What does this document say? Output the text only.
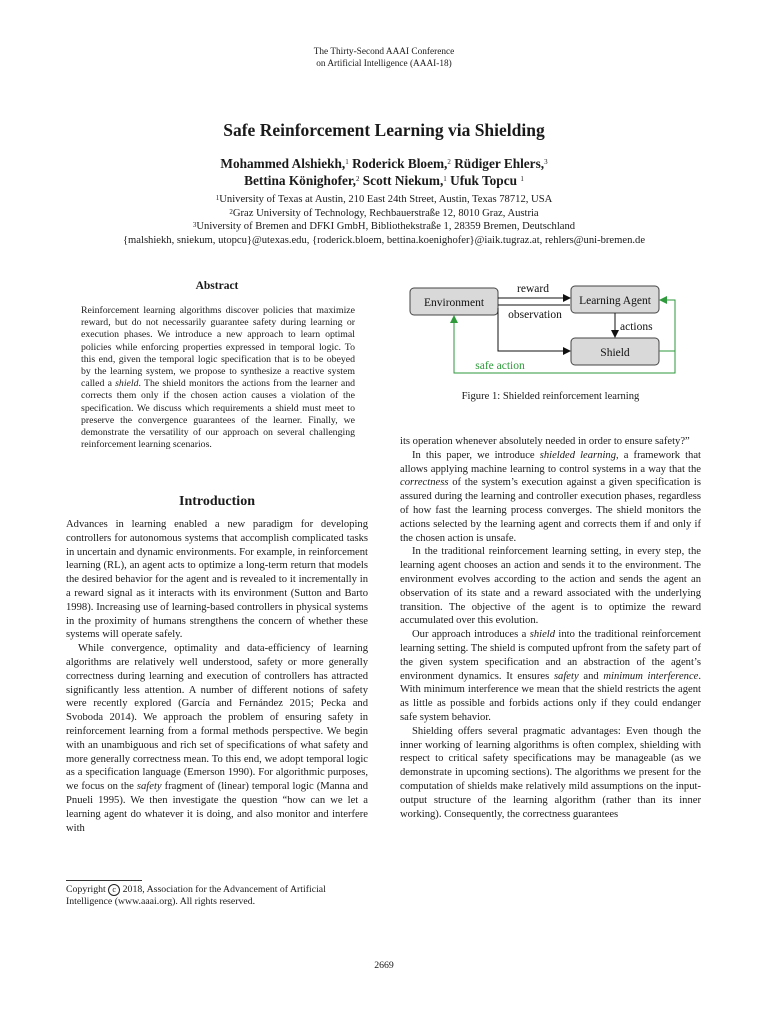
The Thirty-Second AAAI Conference
on Artificial Intelligence (AAAI-18)
Safe Reinforcement Learning via Shielding
Mohammed Alshiekh,$^1$ Roderick Bloem,$^2$ Rüdiger Ehlers,$^3$
Bettina Könighofer,$^2$ Scott Niekum,$^1$ Ufuk Topcu $^1$
$^1$University of Texas at Austin, 210 East 24th Street, Austin, Texas 78712, USA
$^2$Graz University of Technology, Rechbauerstraße 12, 8010 Graz, Austria
$^3$University of Bremen and DFKI GmbH, Bibliothekstraße 1, 28359 Bremen, Deutschland
{malshiekh, sniekum, utopcu}@utexas.edu, {roderick.bloem, bettina.koenighofer}@iaik.tugraz.at, rehlers@uni-bremen.de
Abstract
Reinforcement learning algorithms discover policies that maximize reward, but do not necessarily guarantee safety during learning or execution phases. We introduce a new approach to learn optimal policies while enforcing properties expressed in temporal logic. To this end, given the temporal logic specification that is to be obeyed by the learning system, we propose to synthesize a reactive system called a shield. The shield monitors the actions from the learner and corrects them only if the chosen action causes a violation of the specification. We discuss which requirements a shield must meet to preserve the convergence guarantees of the learner. Finally, we demonstrate the versatility of our approach on several challenging reinforcement learning scenarios.
Introduction

Advances in learning enabled a new paradigm for developing controllers for autonomous systems that accomplish complicated tasks in uncertain and dynamic environments. For example, in reinforcement learning (RL), an agent acts to optimize a long-term return that models the desired behavior for the agent and is revealed to it incrementally in a reward signal as it interacts with its environment (Sutton and Barto 1998). Increasing use of learning-based controllers in physical systems in the proximity of humans strengthens the concern of whether these systems will operate safely.

While convergence, optimality and data-efficiency of learning algorithms are relatively well understood, safety or more generally correctness during learning and execution of controllers has attracted significantly less attention. A number of different notions of safety were recently explored (García and Fernández 2015; Pecka and Svoboda 2014). We approach the problem of ensuring safety in reinforcement learning from a formal methods perspective. We begin with an unambiguous and rich set of specifications of what safety and more generally correctness mean. To this end, we adopt temporal logic as a specification language (Emerson 1990). For algorithmic purposes, we focus on the safety fragment of (linear) temporal logic (Manna and Pnueli 1995). We then investigate the question “how can we let a learning agent do whatever it is doing, and also monitor and interfere with

Copyright c 2018, Association for the Advancement of Artificial Intelligence (www.aaai.org). All rights reserved.
Environment	Learning Agent
Shield
reward
observation
actions
safe action
Figure 1: Shielded reinforcement learning

its operation whenever absolutely needed in order to ensure safety?”

In this paper, we introduce shielded learning, a framework that allows applying machine learning to control systems in a way that the correctness of the system’s execution against a given specification is assured during the learning and controller execution phases, regardless of how fast the learning process converges. The shield monitors the actions selected by the learning agent and corrects them if and only if the chosen action is unsafe.

In the traditional reinforcement learning setting, in every step, the learning agent chooses an action and sends it to the environment. The environment evolves according to the action and sends the agent an observation of its state and a reward associated with the underlying transition. The objective of the agent is to optimize the reward accumulated over this evolution.

Our approach introduces a shield into the traditional reinforcement learning setting. The shield is computed upfront from the safety part of the given system specification and an abstraction of the agent’s environment dynamics. It ensures safety and minimum interference. With minimum interference we mean that the shield restricts the agent as little as possible and forbids actions only if they could endanger safe system behavior.

Shielding offers several pragmatic advantages: Even though the inner working of learning algorithms is often complex, shielding with respect to critical safety specifications may be manageable (as we demonstrate in upcoming sections). The algorithms we present for the computation of shields make relatively mild assumptions on the input-output structure of the learning algorithm (rather than its inner working). Consequently, the correctness guarantees

2669
